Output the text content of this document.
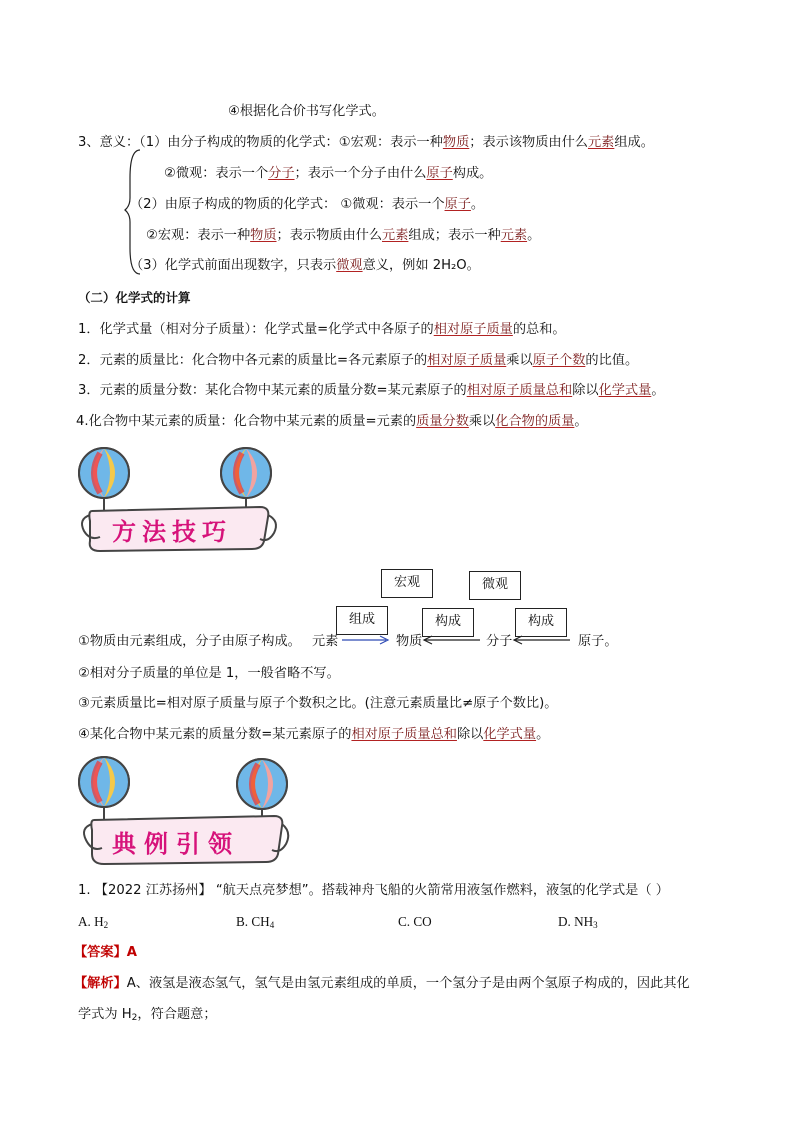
④根据化合价书写化学式。
3、意义：（1）由分子构成的物质的化学式：①宏观：表示一种物质；表示该物质由什么元素组成。
②微观：表示一个分子；表示一个分子由什么原子构成。
（2）由原子构成的物质的化学式： ①微观：表示一个原子。
②宏观：表示一种物质；表示物质由什么元素组成；表示一种元素。
（3）化学式前面出现数字，只表示微观意义，例如 2H₂O。
（二）化学式的计算
1．化学式量（相对分子质量）：化学式量=化学式中各原子的相对原子质量的总和。
2．元素的质量比：化合物中各元素的质量比=各元素原子的相对原子质量乘以原子个数的比值。
3．元素的质量分数：某化合物中某元素的质量分数=某元素原子的相对原子质量总和除以化学式量。
4.化合物中某元素的质量：化合物中某元素的质量=元素的质量分数乘以化合物的质量。
方法技巧
宏观	微观
组成	构成	构成
①物质由元素组成，分子由原子构成。 元素	物质	分子	原子。
②相对分子质量的单位是 1，一般省略不写。
③元素质量比=相对原子质量与原子个数积之比。(注意元素质量比≠原子个数比)。
④某化合物中某元素的质量分数=某元素原子的相对原子质量总和除以化学式量。
典例引领
1. 【2022 江苏扬州】 “航天点亮梦想”。搭载神舟飞船的火箭常用液氢作燃料，液氢的化学式是（ ）
A. $H_2$	B. $CH_4$	C. CO	D. $NH_3$
【答案】A
【解析】A、液氢是液态氢气，氢气是由氢元素组成的单质，一个氢分子是由两个氢原子构成的，因此其化
学式为 $H_2$，符合题意；
